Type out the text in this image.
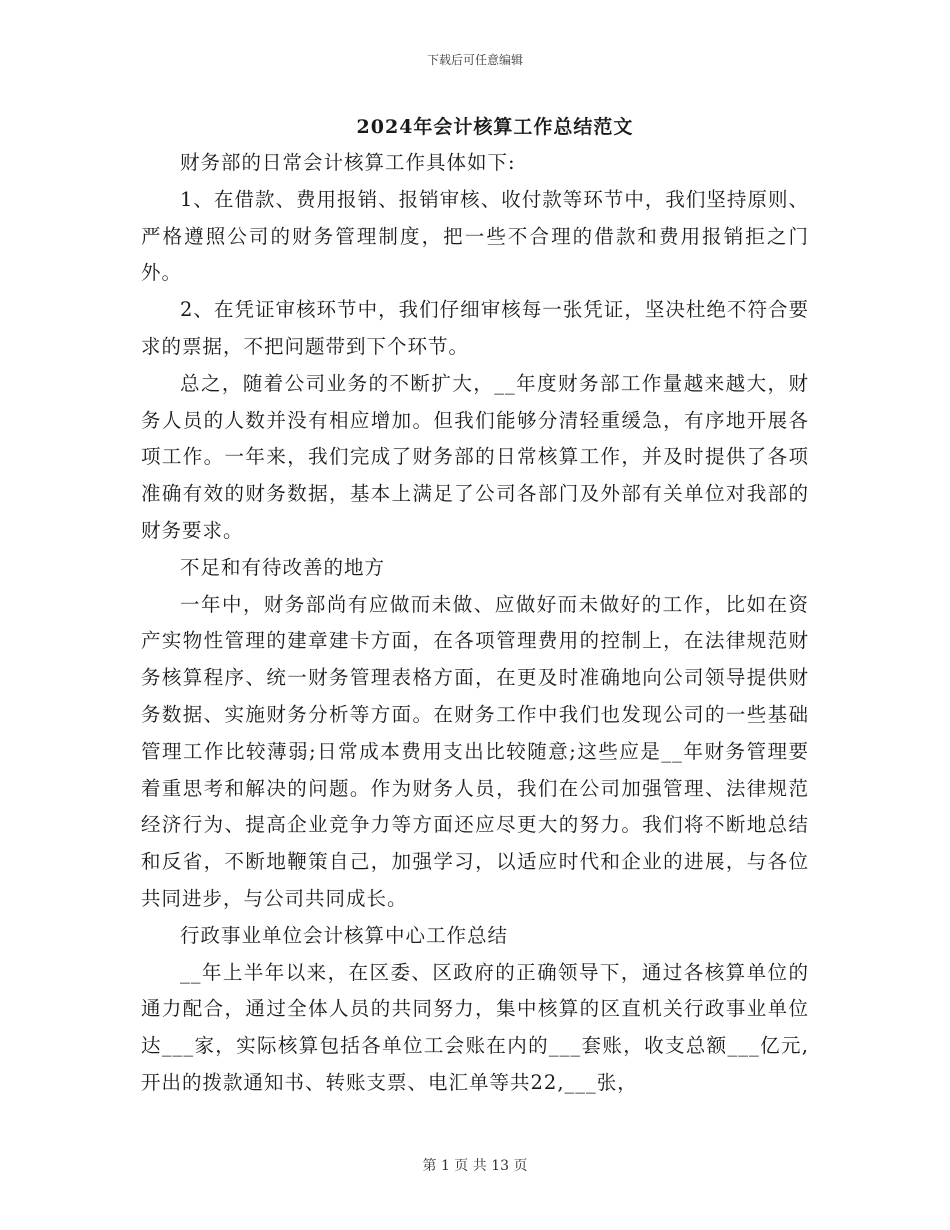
下载后可任意编辑
2024年会计核算工作总结范文

财务部的日常会计核算工作具体如下:

1、在借款、费用报销、报销审核、收付款等环节中，我们坚持原则、严格遵照公司的财务管理制度，把一些不合理的借款和费用报销拒之门外。

2、在凭证审核环节中，我们仔细审核每一张凭证，坚决杜绝不符合要求的票据，不把问题带到下个环节。

总之，随着公司业务的不断扩大，__年度财务部工作量越来越大，财务人员的人数并没有相应增加。但我们能够分清轻重缓急，有序地开展各项工作。一年来，我们完成了财务部的日常核算工作，并及时提供了各项准确有效的财务数据，基本上满足了公司各部门及外部有关单位对我部的财务要求。

不足和有待改善的地方

一年中，财务部尚有应做而未做、应做好而未做好的工作，比如在资产实物性管理的建章建卡方面，在各项管理费用的控制上，在法律规范财务核算程序、统一财务管理表格方面，在更及时准确地向公司领导提供财务数据、实施财务分析等方面。在财务工作中我们也发现公司的一些基础管理工作比较薄弱;日常成本费用支出比较随意;这些应是__年财务管理要着重思考和解决的问题。作为财务人员，我们在公司加强管理、法律规范经济行为、提高企业竞争力等方面还应尽更大的努力。我们将不断地总结和反省，不断地鞭策自己，加强学习，以适应时代和企业的进展，与各位共同进步，与公司共同成长。

行政事业单位会计核算中心工作总结

__年上半年以来，在区委、区政府的正确领导下，通过各核算单位的通力配合，通过全体人员的共同努力，集中核算的区直机关行政事业单位达___家，实际核算包括各单位工会账在内的___套账，收支总额___亿元,开出的拨款通知书、转账支票、电汇单等共22,___张，

第 1 页 共 13 页
